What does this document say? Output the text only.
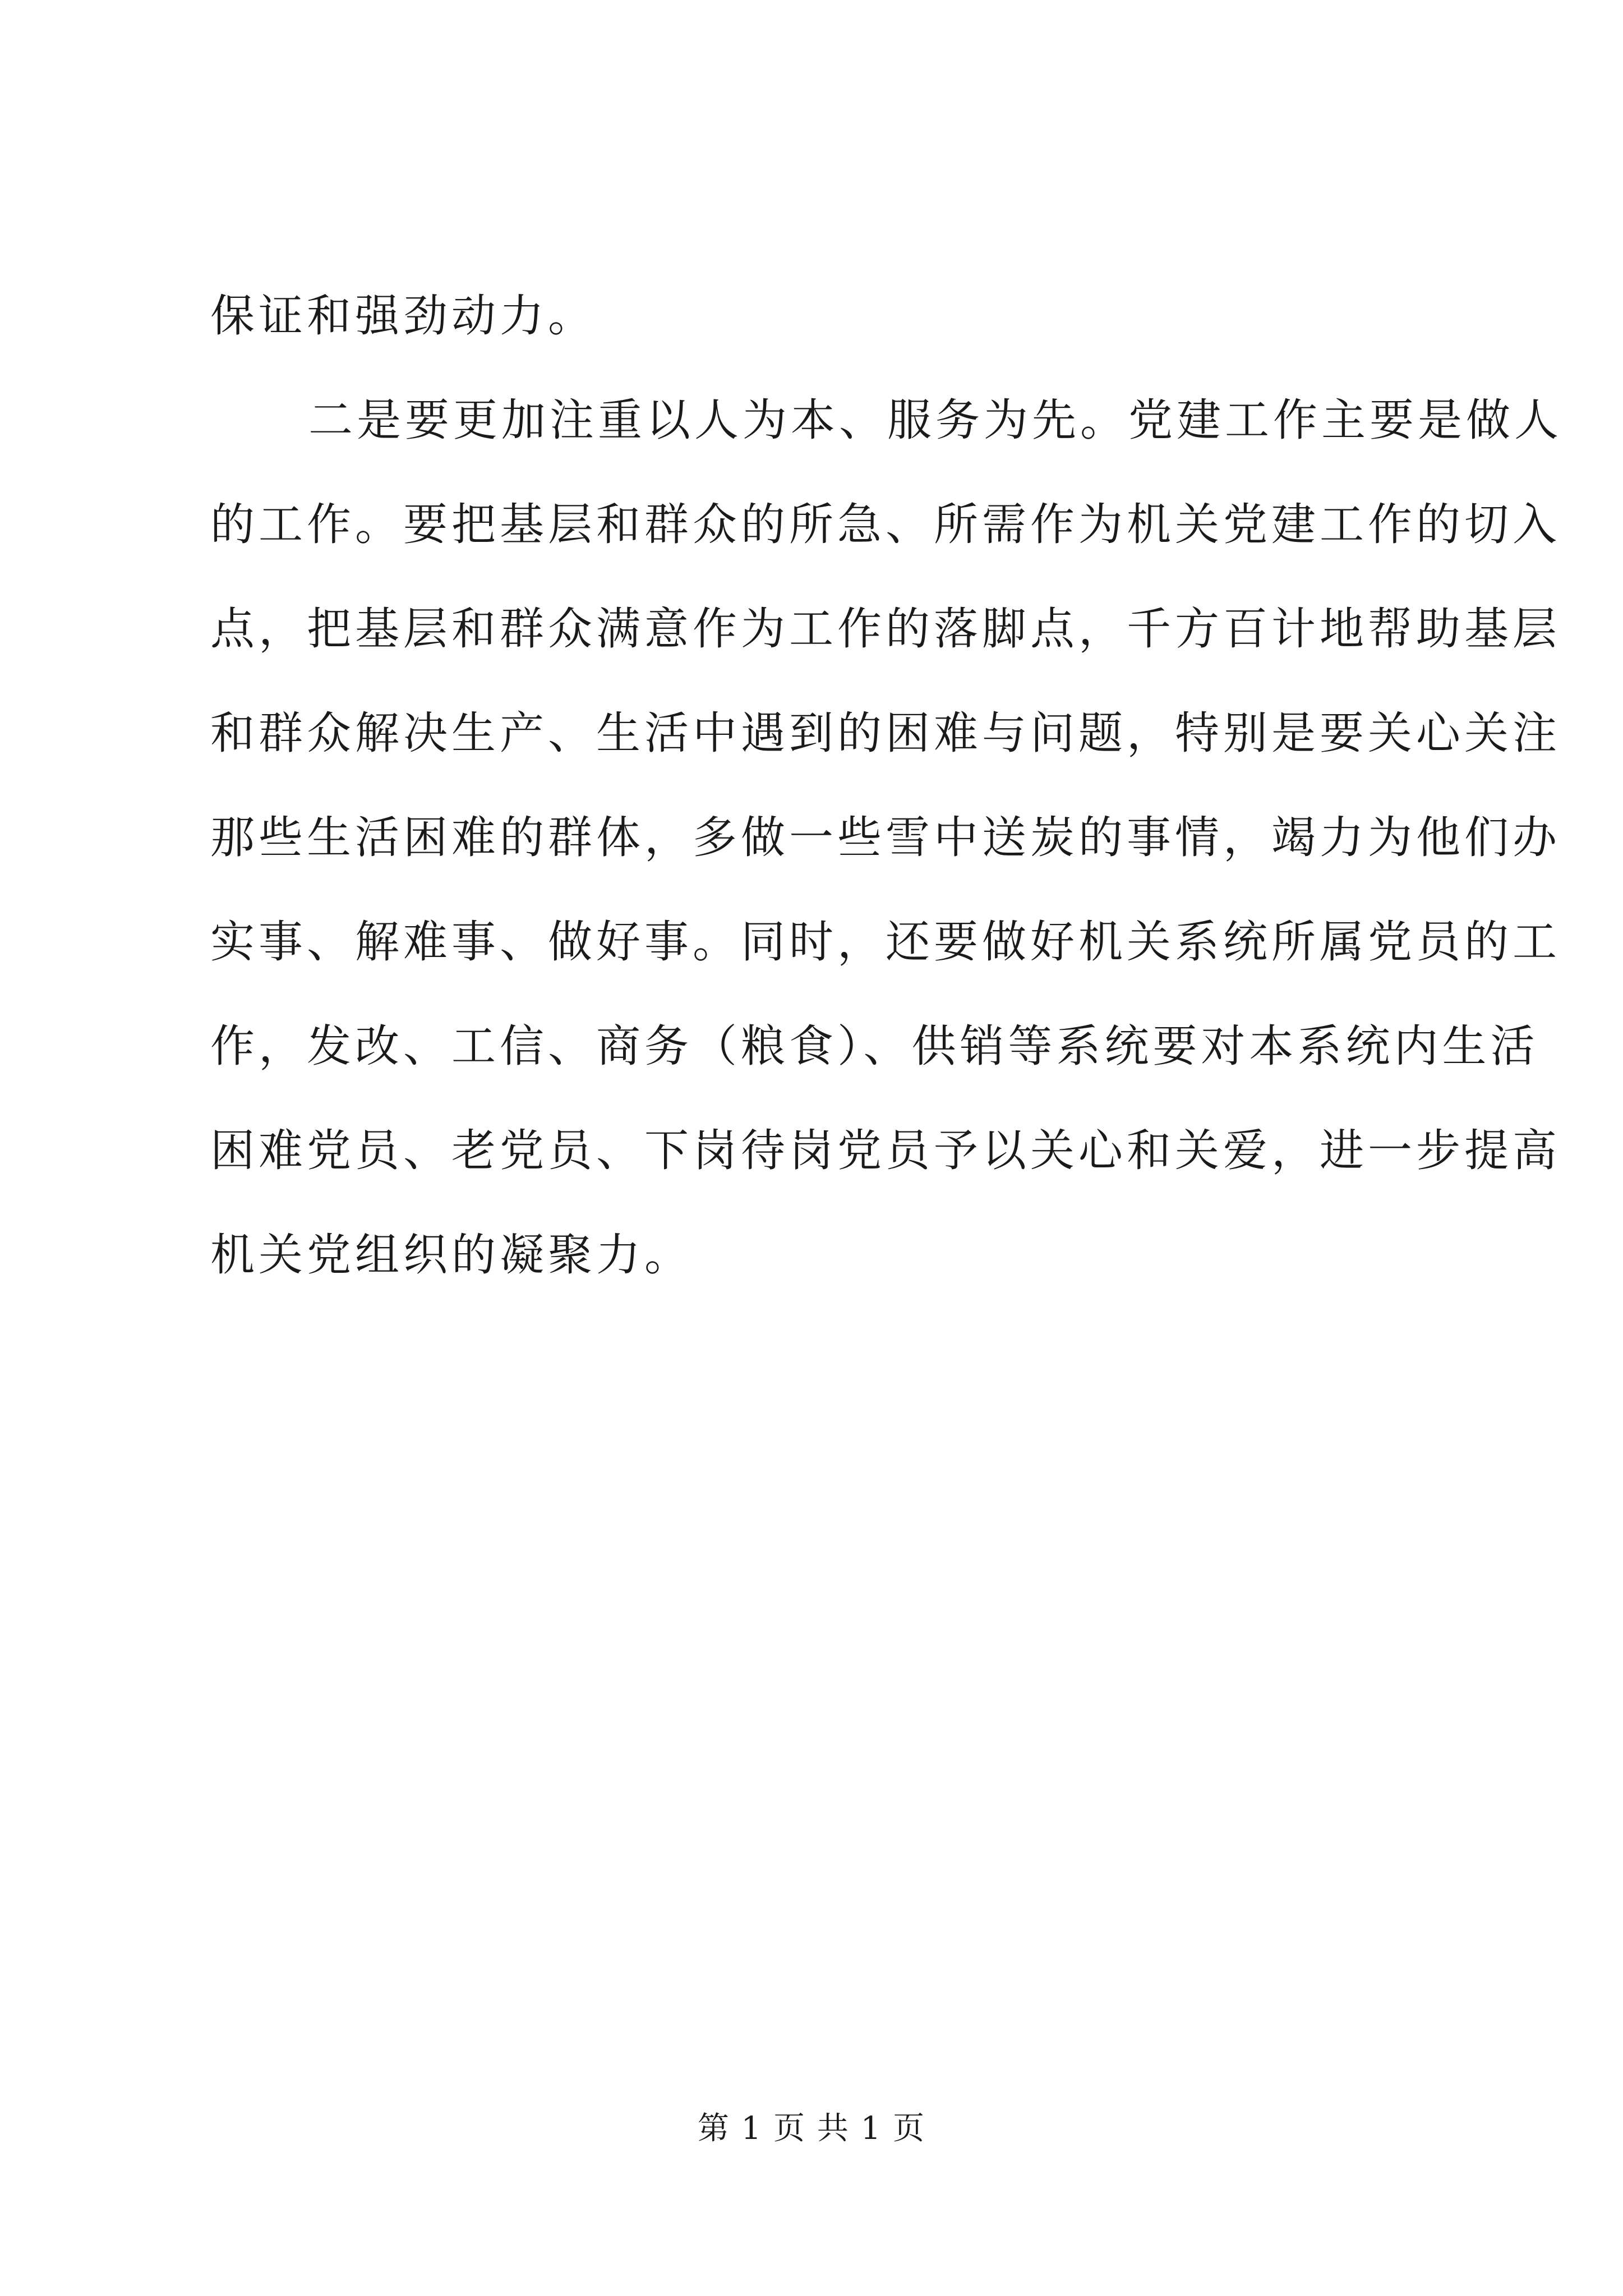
保证和强劲动力。
二是要更加注重以人为本、服务为先。党建工作主要是做人
的工作。要把基层和群众的所急、所需作为机关党建工作的切入
点，把基层和群众满意作为工作的落脚点，千方百计地帮助基层
和群众解决生产、生活中遇到的困难与问题，特别是要关心关注
那些生活困难的群体，多做一些雪中送炭的事情，竭力为他们办
实事、解难事、做好事。同时，还要做好机关系统所属党员的工
作，发改、工信、商务（粮食）、供销等系统要对本系统内生活
困难党员、老党员、下岗待岗党员予以关心和关爱，进一步提高
机关党组织的凝聚力。
第 1 页 共 1 页
